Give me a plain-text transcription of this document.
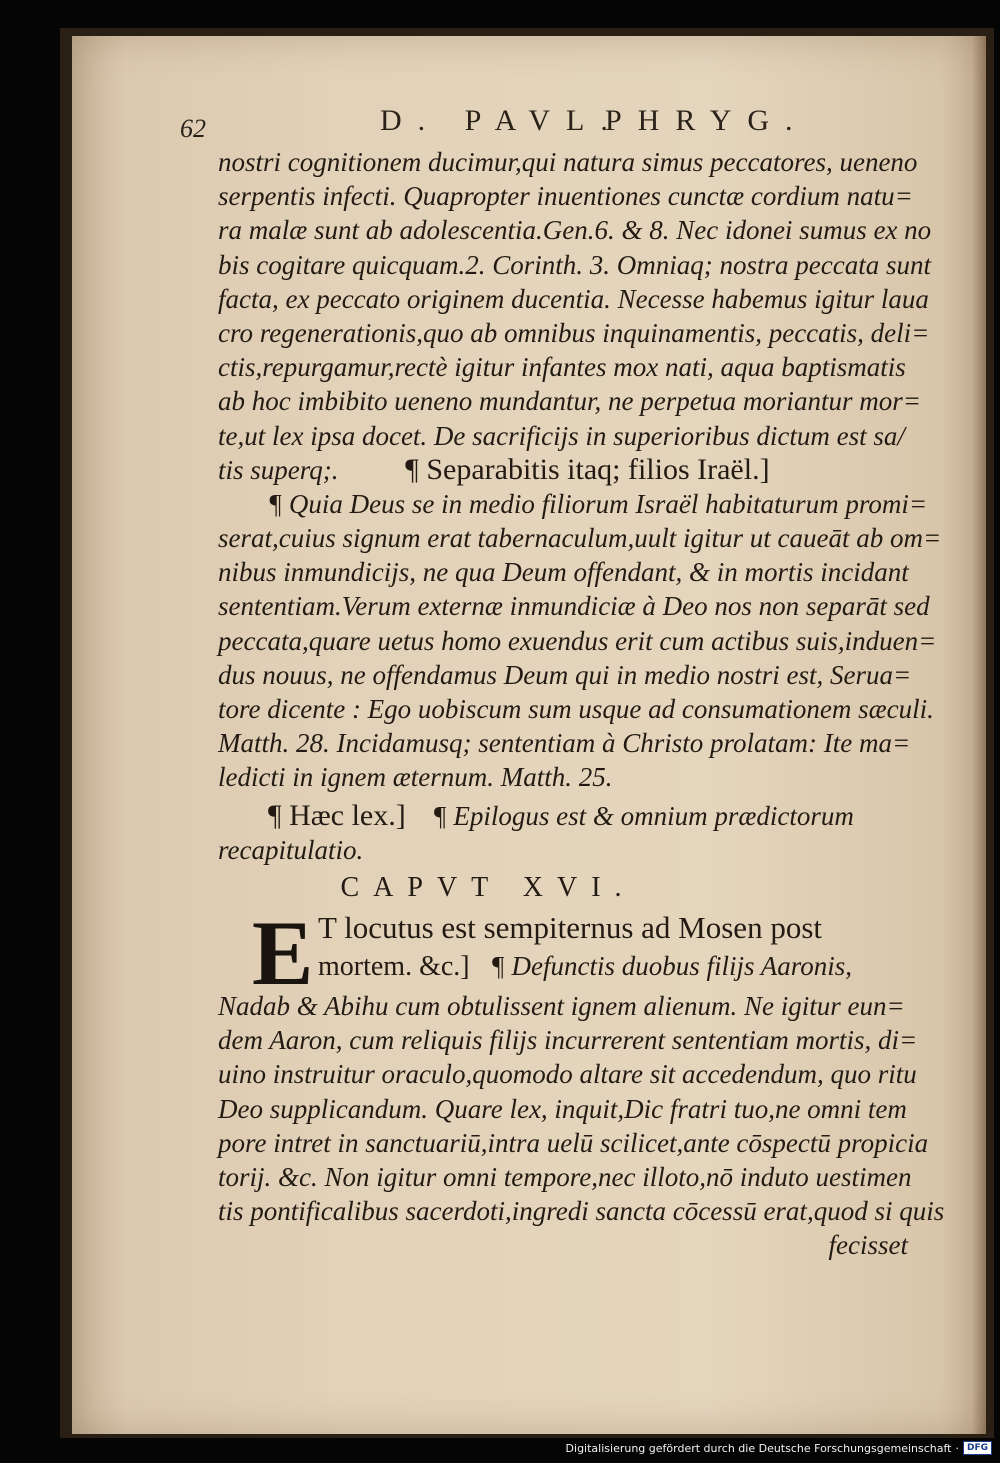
62	D. PAVL.
PHRYG.
nostri cognitionem ducimur,qui natura simus peccatores, ueneno
serpentis infecti. Quapropter inuentiones cunctæ cordium natu=
ra malæ sunt ab adolescentia.Gen.6. & 8. Nec idonei sumus ex no
bis cogitare quicquam.2. Corinth. 3. Omniaq; nostra peccata sunt
facta, ex peccato originem ducentia. Necesse habemus igitur laua
cro regenerationis,quo ab omnibus inquinamentis, peccatis, deli=
ctis,repurgamur,rectè igitur infantes mox nati, aqua baptismatis
ab hoc imbibito ueneno mundantur, ne perpetua moriantur mor=
te,ut lex ipsa docet. De sacrificijs in superioribus dictum est sa/
tis superq;. ¶ Separabitis itaq; filios Iraël.]
¶ Quia Deus se in medio filiorum Israël habitaturum promi=
serat,cuius signum erat tabernaculum,uult igitur ut caueāt ab om=
nibus inmundicijs, ne qua Deum offendant, & in mortis incidant
sententiam.Verum externæ inmundiciæ à Deo nos non separāt sed
peccata,quare uetus homo exuendus erit cum actibus suis,induen=
dus nouus, ne offendamus Deum qui in medio nostri est, Serua=
tore dicente : Ego uobiscum sum usque ad consumationem sæculi.
Matth. 28. Incidamusq; sententiam à Christo prolatam: Ite ma=
ledicti in ignem æternum. Matth. 25.
¶ Hæc lex.] ¶ Epilogus est & omnium prædictorum
recapitulatio.
CAPVT XVI.
E T locutus est sempiternus ad Mosen post
mortem. &c.] ¶ Defunctis duobus filijs Aaronis,
Nadab & Abihu cum obtulissent ignem alienum. Ne igitur eun=
dem Aaron, cum reliquis filijs incurrerent sententiam mortis, di=
uino instruitur oraculo,quomodo altare sit accedendum, quo ritu
Deo supplicandum. Quare lex, inquit,Dic fratri tuo,ne omni tem
pore intret in sanctuariū,intra uelū scilicet,ante cōspectū propicia
torij. &c. Non igitur omni tempore,nec illoto,nō induto uestimen
tis pontificalibus sacerdoti,ingredi sancta cōcessū erat,quod si quis
fecisset
Digitalisierung gefördert durch die Deutsche Forschungsgemeinschaft · DFG
